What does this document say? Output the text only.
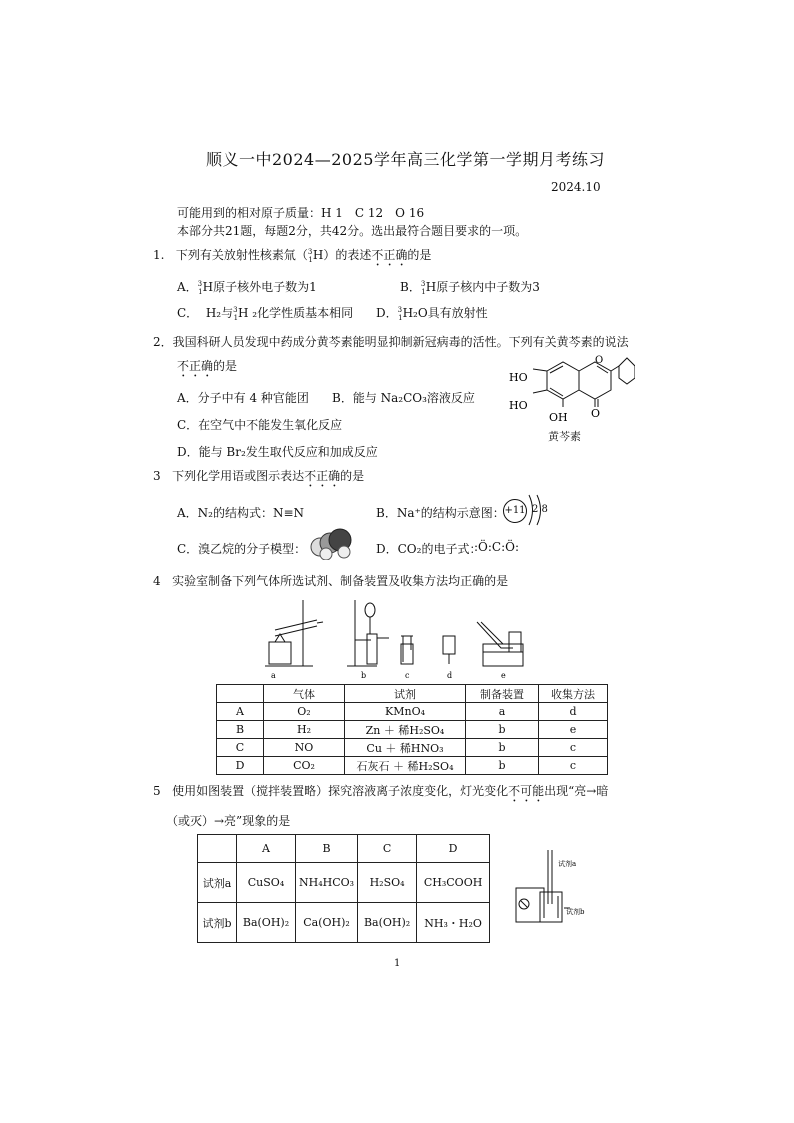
顺义一中2024—2025学年高三化学第一学期月考练习
2024.10
可能用到的相对原子质量：H 1　C 12　O 16
本部分共21题，每题2分，共42分。选出最符合题目要求的一项。
1. 下列有关放射性核素氚（$^3_1$H）的表述不正确的是
A．$^3_1$H原子核外电子数为1	B．$^3_1$H原子核内中子数为3
C．  H₂与$^3_1$H ₂化学性质基本相同 D．$^3_1$H₂O具有放射性
2．我国科研人员发现中药成分黄芩素能明显抑制新冠病毒的活性。下列有关黄芩素的说法
不正确的是
A．分子中有 4 种官能团 B．能与 Na₂CO₃溶液反应
C．在空气中不能发生氧化反应
D．能与 Br₂发生取代反应和加成反应
HO
HO
OH O
O
黄芩素
3 下列化学用语或图示表达不正确的是
A．N₂的结构式：N≡N	B．Na⁺的结构示意图： +11 2 8
C．溴乙烷的分子模型：	D．CO₂的电子式：
:Ö:C:Ö:
4 实验室制备下列气体所选试剂、制备装置及收集方法均正确的是
a	b	c	d	e
	气体	试剂	制备装置	收集方法
A	O₂	KMnO₄	a	d
B	H₂	Zn ＋ 稀H₂SO₄	b	e
C	NO	Cu ＋ 稀HNO₃	b	c
D	CO₂	石灰石 ＋ 稀H₂SO₄	b	c
5 使用如图装置（搅拌装置略）探究溶液离子浓度变化，灯光变化不可能出现“亮→暗
（或灭）→亮”现象的是
	A	B	C	D
试剂a	CuSO₄	NH₄HCO₃	H₂SO₄	CH₃COOH
试剂b	Ba(OH)₂	Ca(OH)₂	Ba(OH)₂	NH₃・H₂O
试剂a
试剂b
1
